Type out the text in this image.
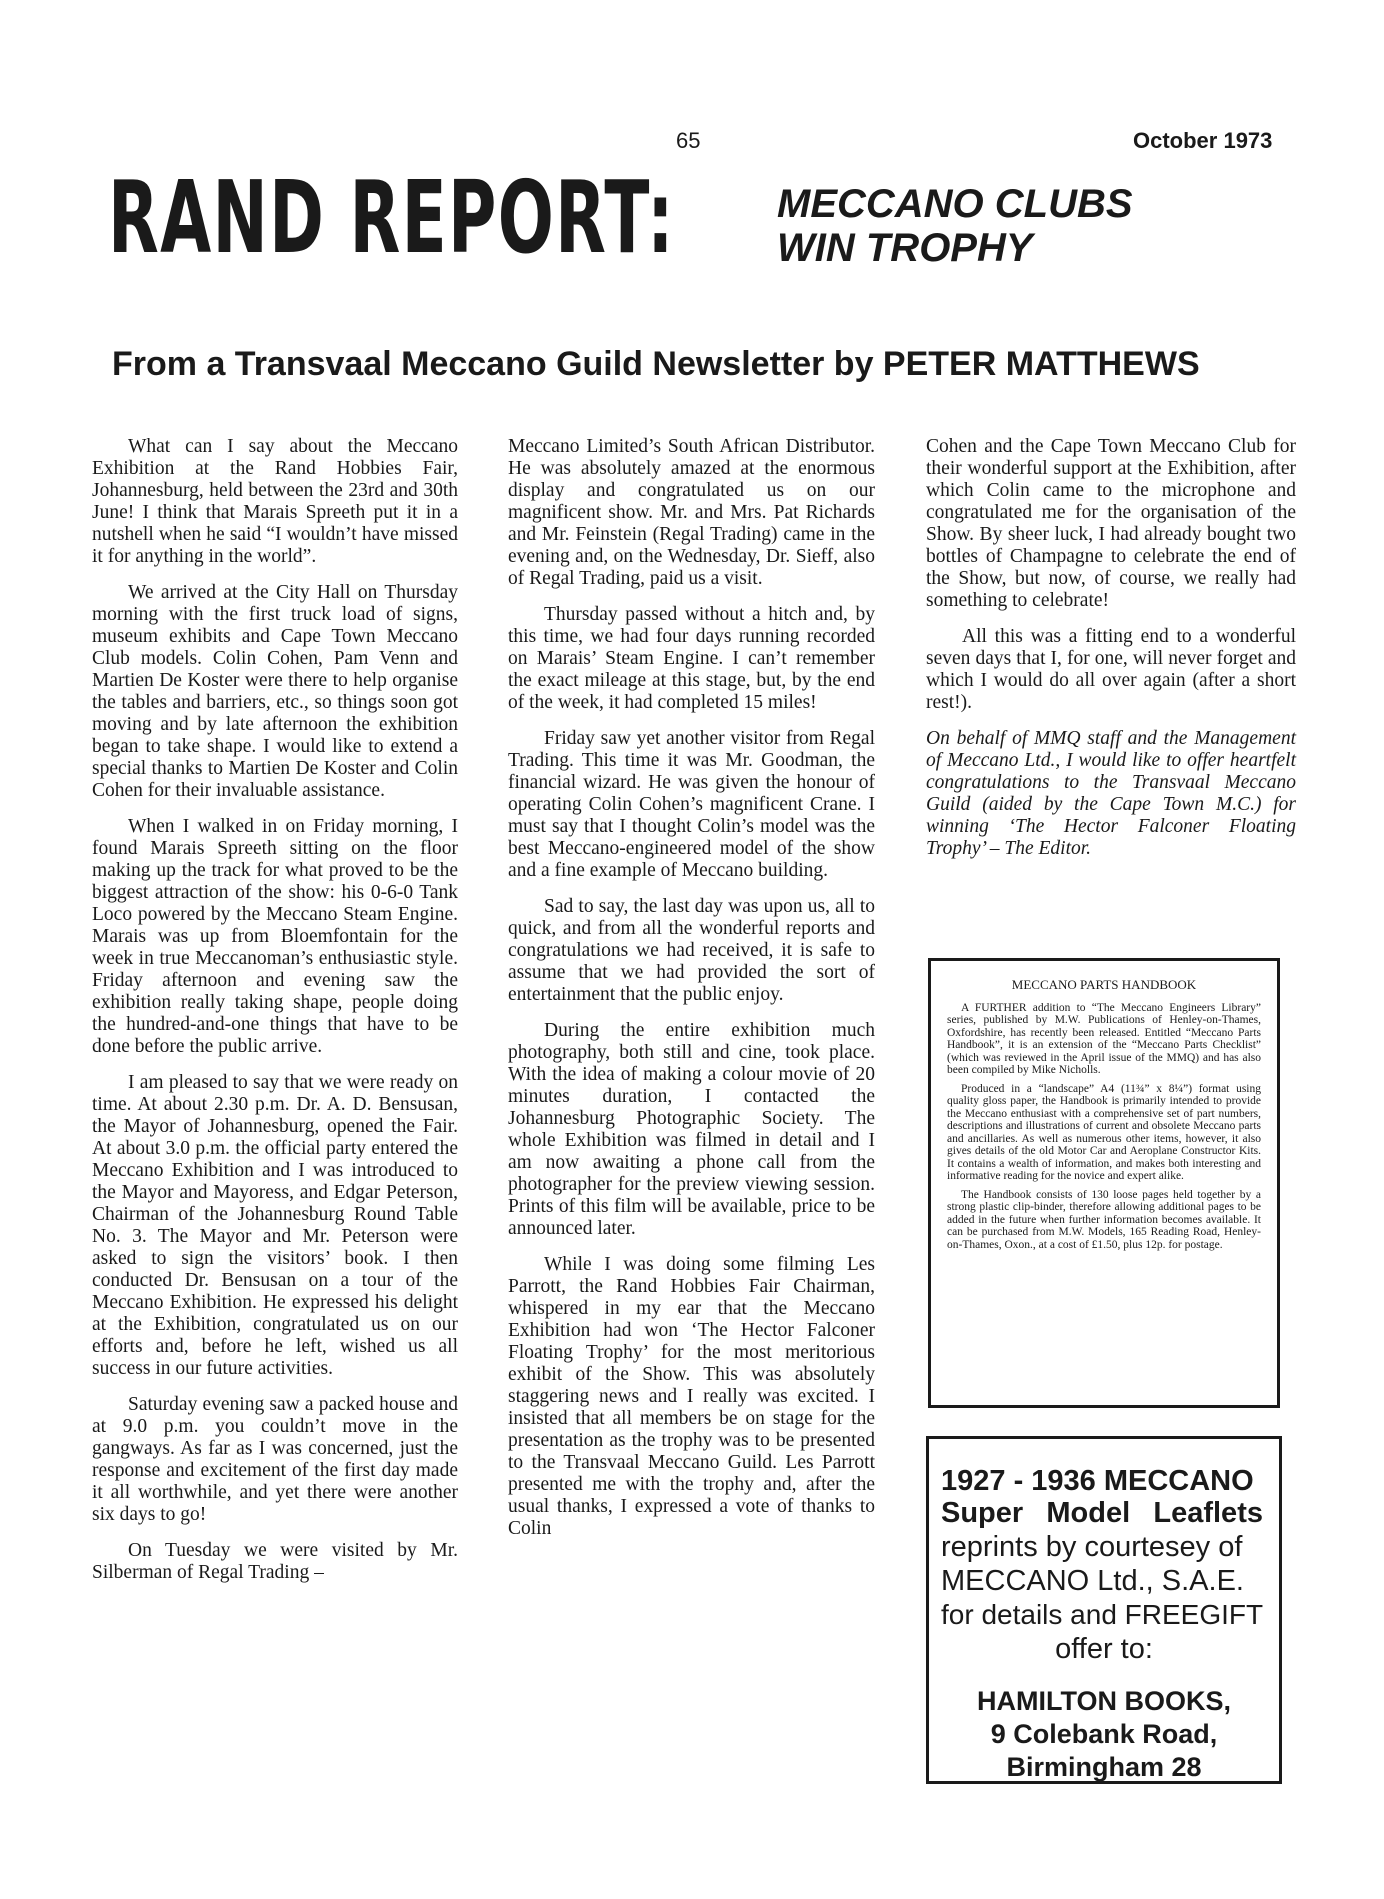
65	October 1973
RAND REPORT:	MECCANO CLUBS
WIN TROPHY
From a Transvaal Meccano Guild Newsletter by PETER MATTHEWS

What can I say about the Meccano Exhibition at the Rand Hobbies Fair, Johannesburg, held between the 23rd and 30th June! I think that Marais Spreeth put it in a nutshell when he said “I wouldn’t have missed it for anything in the world”.

We arrived at the City Hall on Thursday morning with the first truck load of signs, museum exhibits and Cape Town Meccano Club models. Colin Cohen, Pam Venn and Martien De Koster were there to help organise the tables and barriers, etc., so things soon got moving and by late afternoon the exhibition began to take shape. I would like to extend a special thanks to Martien De Koster and Colin Cohen for their invaluable assistance.

When I walked in on Friday morning, I found Marais Spreeth sitting on the floor making up the track for what proved to be the biggest attraction of the show: his 0-6-0 Tank Loco powered by the Meccano Steam Engine. Marais was up from Bloemfontain for the week in true Meccanoman’s enthusiastic style. Friday afternoon and evening saw the exhibition really taking shape, people doing the hundred-and-one things that have to be done before the public arrive.

I am pleased to say that we were ready on time. At about 2.30 p.m. Dr. A. D. Bensusan, the Mayor of Johannesburg, opened the Fair. At about 3.0 p.m. the official party entered the Meccano Exhibition and I was introduced to the Mayor and Mayoress, and Edgar Peterson, Chairman of the Johannesburg Round Table No. 3. The Mayor and Mr. Peterson were asked to sign the visitors’ book. I then conducted Dr. Bensusan on a tour of the Meccano Exhibition. He expressed his delight at the Exhibition, congratulated us on our efforts and, before he left, wished us all success in our future activities.

Saturday evening saw a packed house and at 9.0 p.m. you couldn’t move in the gangways. As far as I was concerned, just the response and excitement of the first day made it all worthwhile, and yet there were another six days to go!

On Tuesday we were visited by Mr. Silberman of Regal Trading –

Meccano Limited’s South African Distributor. He was absolutely amazed at the enormous display and congratulated us on our magnificent show. Mr. and Mrs. Pat Richards and Mr. Feinstein (Regal Trading) came in the evening and, on the Wednesday, Dr. Sieff, also of Regal Trading, paid us a visit.

Thursday passed without a hitch and, by this time, we had four days running recorded on Marais’ Steam Engine. I can’t remember the exact mileage at this stage, but, by the end of the week, it had completed 15 miles!

Friday saw yet another visitor from Regal Trading. This time it was Mr. Goodman, the financial wizard. He was given the honour of operating Colin Cohen’s magnificent Crane. I must say that I thought Colin’s model was the best Meccano-engineered model of the show and a fine example of Meccano building.

Sad to say, the last day was upon us, all to quick, and from all the wonderful reports and congratulations we had received, it is safe to assume that we had provided the sort of entertainment that the public enjoy.

During the entire exhibition much photography, both still and cine, took place. With the idea of making a colour movie of 20 minutes duration, I contacted the Johannesburg Photographic Society. The whole Exhibition was filmed in detail and I am now awaiting a phone call from the photographer for the preview viewing session. Prints of this film will be available, price to be announced later.

While I was doing some filming Les Parrott, the Rand Hobbies Fair Chairman, whispered in my ear that the Meccano Exhibition had won ‘The Hector Falconer Floating Trophy’ for the most meritorious exhibit of the Show. This was absolutely staggering news and I really was excited. I insisted that all members be on stage for the presentation as the trophy was to be presented to the Transvaal Meccano Guild. Les Parrott presented me with the trophy and, after the usual thanks, I expressed a vote of thanks to Colin

Cohen and the Cape Town Meccano Club for their wonderful support at the Exhibition, after which Colin came to the microphone and congratulated me for the organisation of the Show. By sheer luck, I had already bought two bottles of Champagne to celebrate the end of the Show, but now, of course, we really had something to celebrate!

All this was a fitting end to a wonderful seven days that I, for one, will never forget and which I would do all over again (after a short rest!).

On behalf of MMQ staff and the Management of Meccano Ltd., I would like to offer heartfelt congratulations to the Transvaal Meccano Guild (aided by the Cape Town M.C.) for winning ‘The Hector Falconer Floating Trophy’ – The Editor.

MECCANO PARTS HANDBOOK

A FURTHER addition to “The Meccano Engineers Library” series, published by M.W. Publications of Henley-on-Thames, Oxfordshire, has recently been released. Entitled “Meccano Parts Handbook”, it is an extension of the “Meccano Parts Checklist” (which was reviewed in the April issue of the MMQ) and has also been compiled by Mike Nicholls.

Produced in a “landscape” A4 (11¾” x 8¼”) format using quality gloss paper, the Handbook is primarily intended to provide the Meccano enthusiast with a comprehensive set of part numbers, descriptions and illustrations of current and obsolete Meccano parts and ancillaries. As well as numerous other items, however, it also gives details of the old Motor Car and Aeroplane Constructor Kits. It contains a wealth of information, and makes both interesting and informative reading for the novice and expert alike.

The Handbook consists of 130 loose pages held together by a strong plastic clip-binder, therefore allowing additional pages to be added in the future when further information becomes available. It can be purchased from M.W. Models, 165 Reading Road, Henley-on-Thames, Oxon., at a cost of £1.50, plus 12p. for postage.

1927 - 1936 MECCANO
Super Model Leaflets
reprints by courtesey of
MECCANO Ltd., S.A.E.
for details and FREEGIFT
offer to:
HAMILTON BOOKS,
9 Colebank Road,
Birmingham 28
